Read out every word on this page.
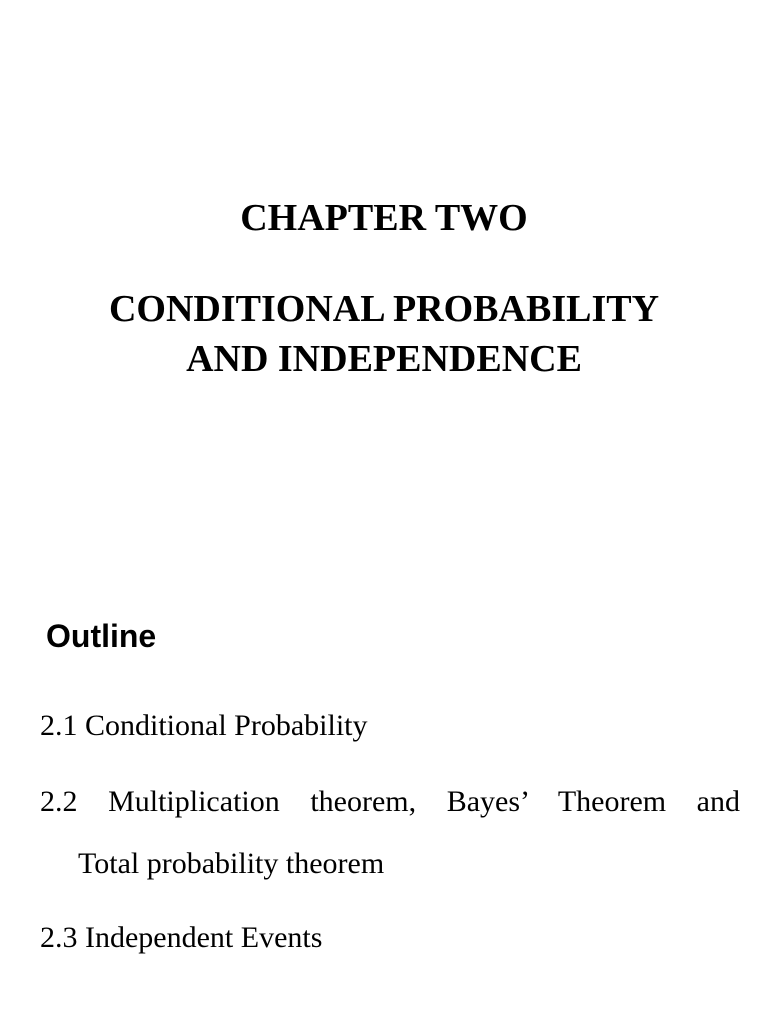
CHAPTER TWO
CONDITIONAL PROBABILITY
AND INDEPENDENCE
Outline
2.1 Conditional Probability
2.2 Multiplication theorem, Bayes’ Theorem and
Total probability theorem
2.3 Independent Events
